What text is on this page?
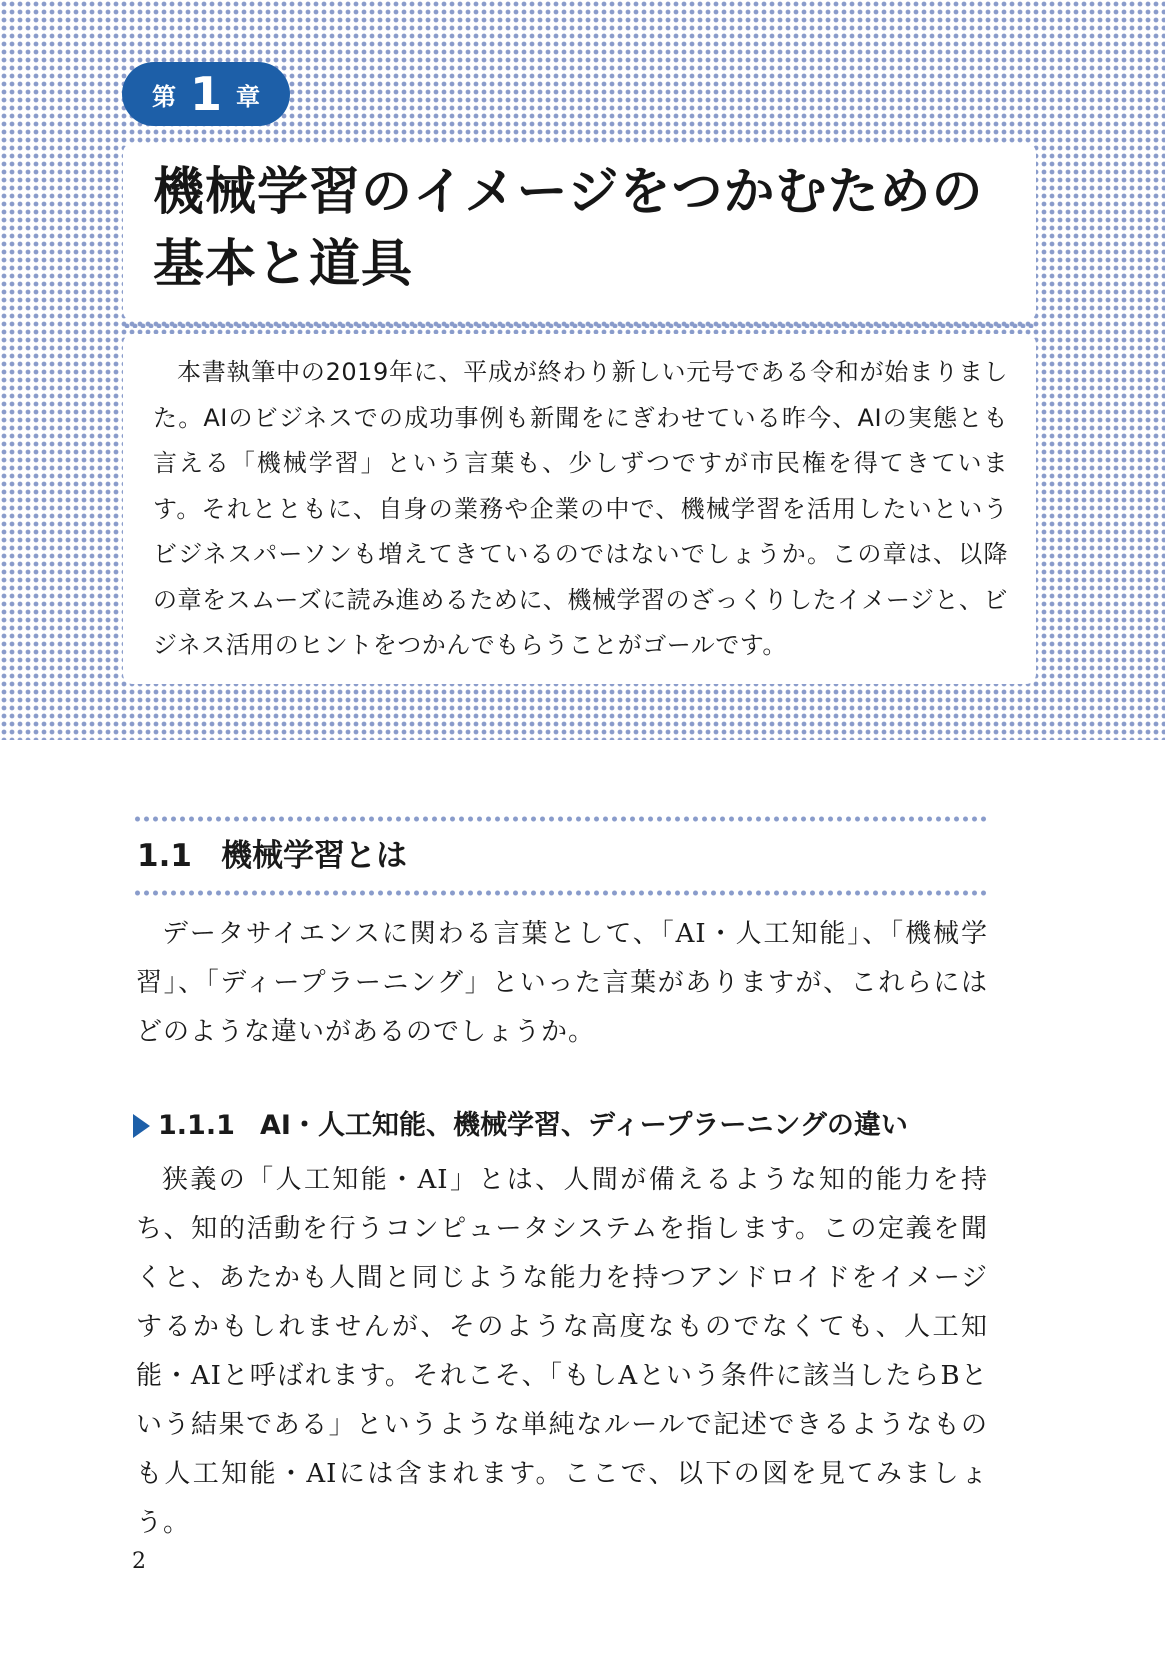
第 1 章
機械学習のイメージをつかむための基本と道具

本書執筆中の2019年に、平成が終わり新しい元号である令和が始まりました。AIのビジネスでの成功事例も新聞をにぎわせている昨今、AIの実態とも言える「機械学習」という言葉も、少しずつですが市民権を得てきています。それとともに、自身の業務や企業の中で、機械学習を活用したいというビジネスパーソンも増えてきているのではないでしょうか。この章は、以降の章をスムーズに読み進めるために、機械学習のざっくりしたイメージと、ビジネス活用のヒントをつかんでもらうことがゴールです。

1.1 機械学習とは

データサイエンスに関わる言葉として、「AI・人工知能」、「機械学習」、「ディープラーニング」といった言葉がありますが、これらにはどのような違いがあるのでしょうか。

1.1.1 AI・人工知能、機械学習、ディープラーニングの違い

狭義の「人工知能・AI」とは、人間が備えるような知的能力を持ち、知的活動を行うコンピュータシステムを指します。この定義を聞くと、あたかも人間と同じような能力を持つアンドロイドをイメージするかもしれませんが、そのような高度なものでなくても、人工知能・AIと呼ばれます。それこそ、「もしAという条件に該当したらBという結果である」というような単純なルールで記述できるようなものも人工知能・AIには含まれます。ここで、以下の図を見てみましょう。

2
